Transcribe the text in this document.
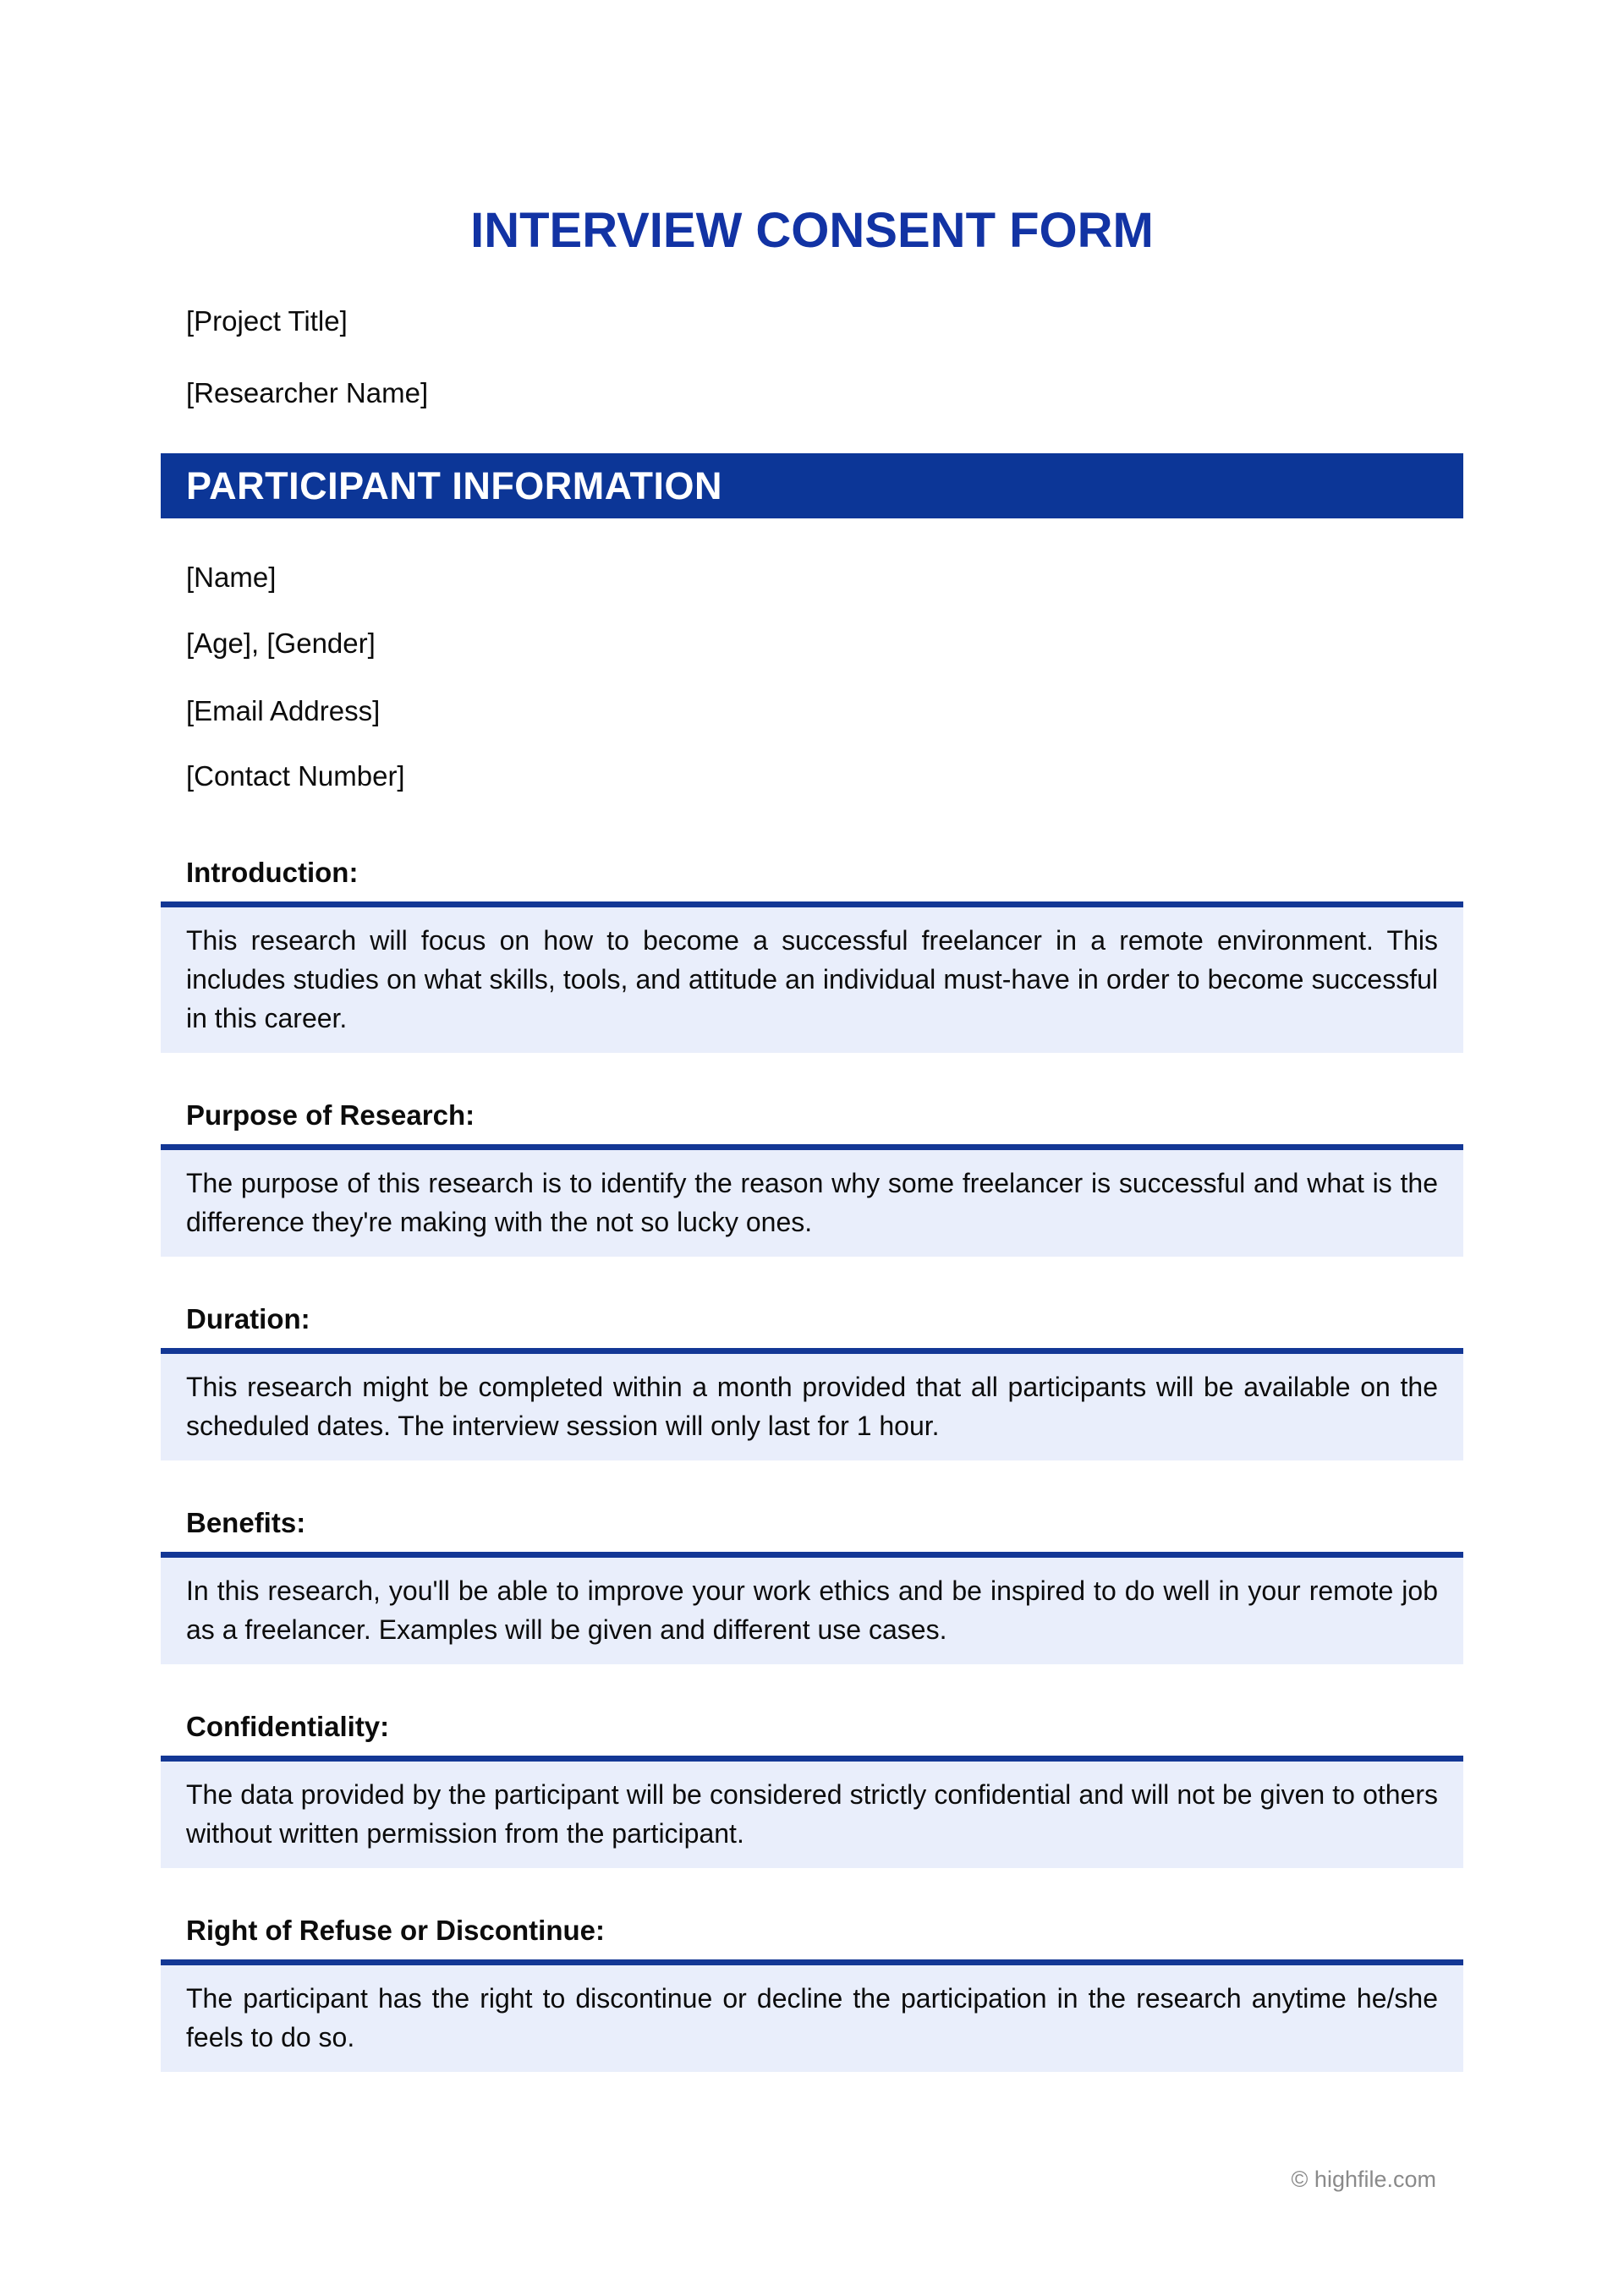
INTERVIEW CONSENT FORM
[Project Title]
[Researcher Name]
PARTICIPANT INFORMATION
[Name]
[Age], [Gender]
[Email Address]
[Contact Number]
Introduction:

This research will focus on how to become a successful freelancer in a remote environment. This includes studies on what skills, tools, and attitude an individual must-have in order to become successful in this career.

Purpose of Research:

The purpose of this research is to identify the reason why some freelancer is successful and what is the difference they're making with the not so lucky ones.

Duration:

This research might be completed within a month provided that all participants will be available on the scheduled dates. The interview session will only last for 1 hour.

Benefits:

In this research, you'll be able to improve your work ethics and be inspired to do well in your remote job as a freelancer. Examples will be given and different use cases.

Confidentiality:

The data provided by the participant will be considered strictly confidential and will not be given to others without written permission from the participant.

Right of Refuse or Discontinue:

The participant has the right to discontinue or decline the participation in the research anytime he/she feels to do so.

© highfile.com
